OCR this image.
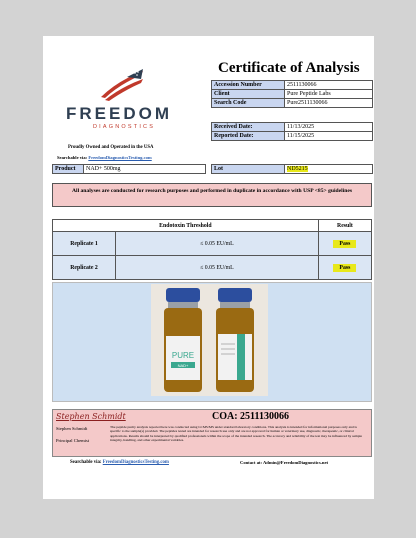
FREEDOM
DIAGNOSTICS
Proudly Owned and Operated in the USA
Searchable via: FreedomDiagnosticsTesting.com
Certificate of Analysis
Accession Number	2511130066
Client	Pure Peptide Labs
Search Code	Pure2511130066
Received Date:	11/13/2025
Reported Date:	11/15/2025
Product	NAD+ 500mg	Lot	ND5215
All analyses are conducted for research purposes and performed in duplicate in accordance with USP <85> guidelines
Endotoxin Threshold		Result
Replicate 1	≤ 0.05 EU/mL	Pass
Replicate 2	≤ 0.05 EU/mL	Pass
PURE
NAD+
Stephen Schmidt	COA: 2511130066
Stephen Schmidt
Principal Chemist
The peptide purity analysis reported here was conducted using LCMS/MS under standard laboratory conditions. This analysis is intended for informational purposes only and is specific to the sample(s) provided. The peptides tested are intended for research use only and are not approved for human or veterinary use, diagnostic, therapeutic, or clinical applications. Results should be interpreted by qualified professionals within the scope of the intended research. The accuracy and reliability of the test may be influenced by sample integrity, handling, and other experimental variables.
Searchable via: FreedomDiagnosticsTesting.com	Contact at: Admin@FreedomDiagnostics.net
